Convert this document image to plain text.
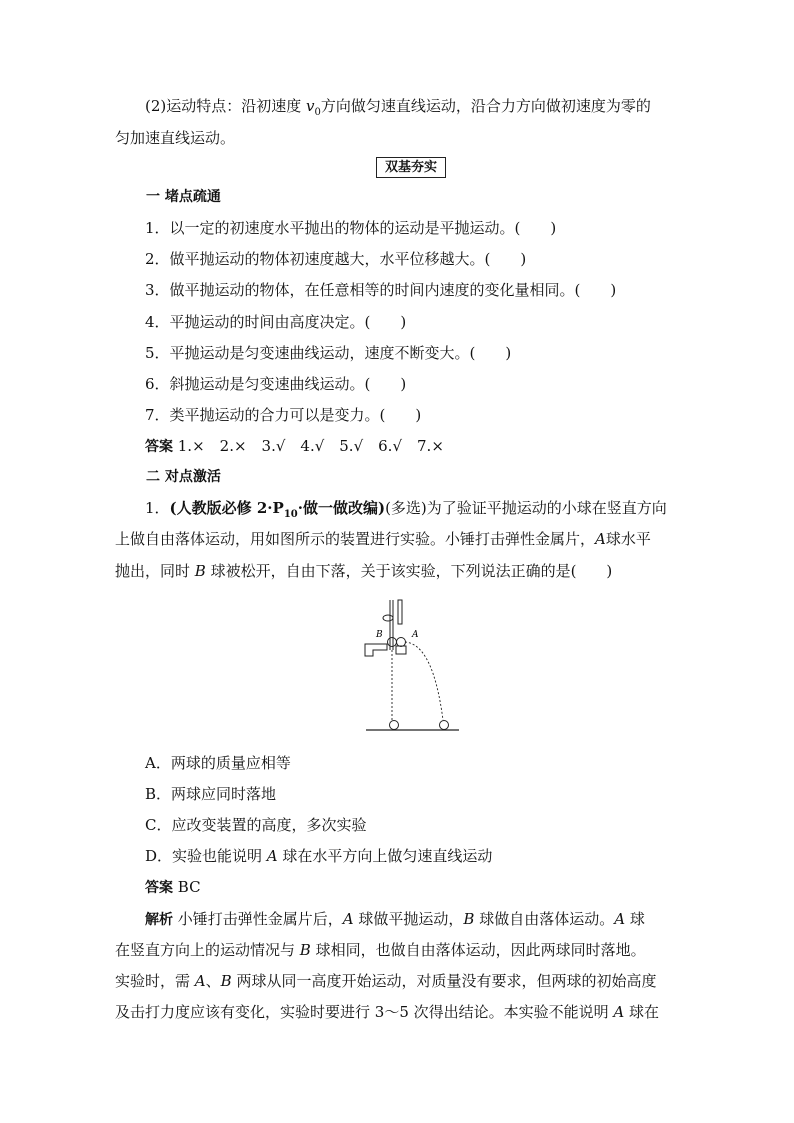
(2)运动特点：沿初速度 $v_0$方向做匀速直线运动，沿合力方向做初速度为零的
匀加速直线运动。
双基夯实
一 堵点疏通
1．以一定的初速度水平抛出的物体的运动是平抛运动。(　　)
2．做平抛运动的物体初速度越大，水平位移越大。(　　)
3．做平抛运动的物体，在任意相等的时间内速度的变化量相同。(　　)
4．平抛运动的时间由高度决定。(　　)
5．平抛运动是匀变速曲线运动，速度不断变大。(　　)
6．斜抛运动是匀变速曲线运动。(　　)
7．类平抛运动的合力可以是变力。(　　)
答案 1.×　2.×　3.√　4.√　5.√　6.√　7.×
二 对点激活
1．(人教版必修 $2\cdot P_{10}\cdot$做一做改编)(多选)为了验证平抛运动的小球在竖直方向
上做自由落体运动，用如图所示的装置进行实验。小锤打击弹性金属片，A球水平
抛出，同时 B 球被松开，自由下落，关于该实验，下列说法正确的是(　　)
B	A
A．两球的质量应相等
B．两球应同时落地
C．应改变装置的高度，多次实验
D．实验也能说明 A 球在水平方向上做匀速直线运动
答案 BC
解析 小锤打击弹性金属片后，A 球做平抛运动，B 球做自由落体运动。A 球
在竖直方向上的运动情况与 B 球相同，也做自由落体运动，因此两球同时落地。
实验时，需 A、B 两球从同一高度开始运动，对质量没有要求，但两球的初始高度
及击打力度应该有变化，实验时要进行 3～5 次得出结论。本实验不能说明 A 球在
